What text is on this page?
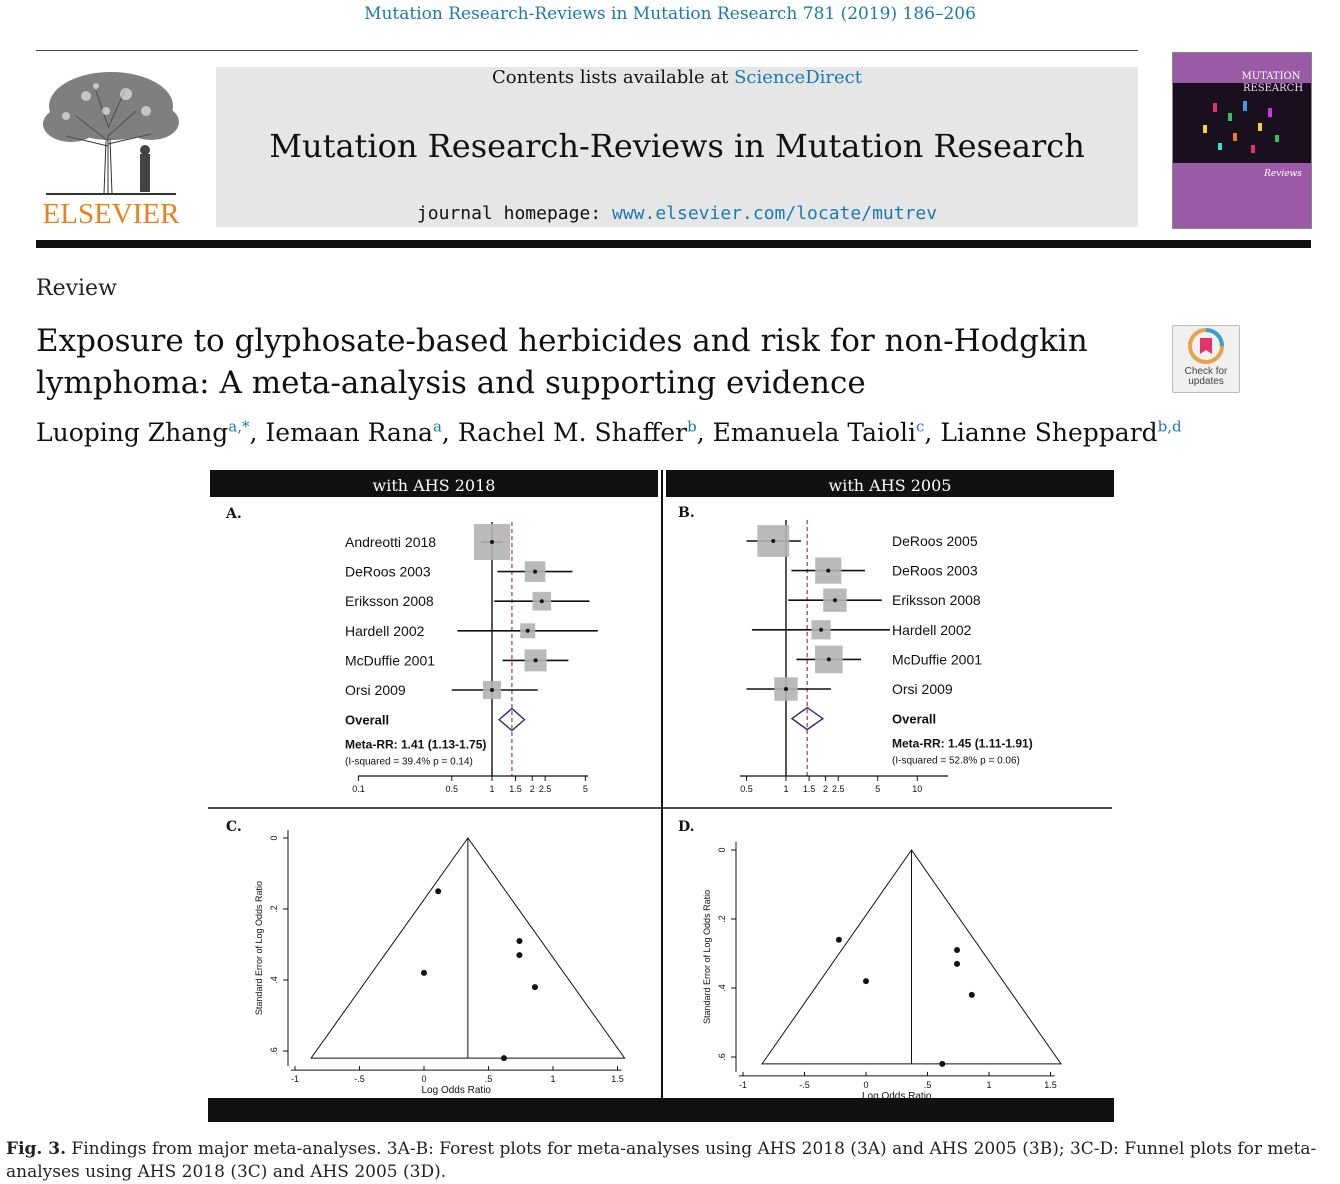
Mutation Research-Reviews in Mutation Research 781 (2019) 186–206
ELSEVIER
Contents lists available at ScienceDirect
Mutation Research-Reviews in Mutation Research
journal homepage: www.elsevier.com/locate/mutrev
MUTATION
RESEARCH
Reviews
Review
Exposure to glyphosate-based herbicides and risk for non-Hodgkin
lymphoma: A meta-analysis and supporting evidence	Check for
updates
Luoping Zhang$^{a,*}$, Iemaan Rana$^a$, Rachel M. Shaffer$^b$, Emanuela Taioli$^c$, Lianne Sheppard$^{b,d}$
with AHS 2018	with AHS 2005
A.	B.
C.	D.
Andreotti 2018
DeRoos 2003
Eriksson 2008
Hardell 2002
McDuffie 2001
Orsi 2009
Overall
Meta-RR: 1.41 (1.13-1.75)
(I-squared = 39.4% p = 0.14)
0.1	0.5	1 1.5 2 2.5	5
DeRoos 2005
DeRoos 2003
Eriksson 2008
Hardell 2002
McDuffie 2001
Orsi 2009
Overall
Meta-RR: 1.45 (1.11-1.91)
(I-squared = 52.8% p = 0.06)
0.5	1 1.5 2 2.5	5	10
0
.2
.4
.6
-1	-.5	0	.5	1	1.5
Log Odds Ratio
Standard Error of Log Odds Ratio
0
.2
.4
.6
-1	-.5	0	.5	1	1.5
Log Odds Ratio
Standard Error of Log Odds Ratio
Fig. 3. Findings from major meta-analyses. 3A-B: Forest plots for meta-analyses using AHS 2018 (3A) and AHS 2005 (3B); 3C-D: Funnel plots for meta-analyses using AHS 2018 (3C) and AHS 2005 (3D).
